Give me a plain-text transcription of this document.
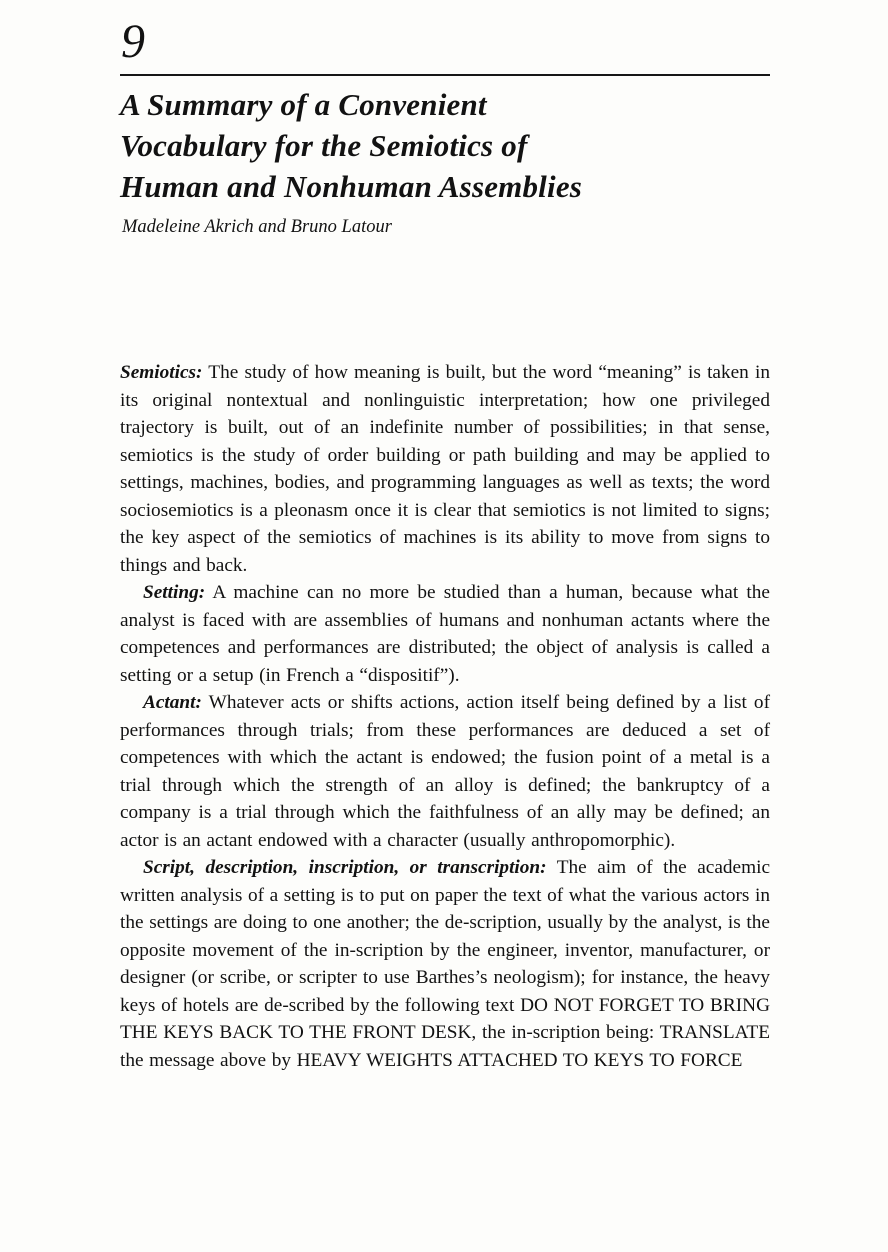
9
A Summary of a Convenient
Vocabulary for the Semiotics of
Human and Nonhuman Assemblies
Madeleine Akrich and Bruno Latour

Semiotics: The study of how meaning is built, but the word “meaning” is taken in its original nontextual and nonlinguistic interpretation; how one privileged trajectory is built, out of an indefinite number of possibilities; in that sense, semiotics is the study of order building or path building and may be applied to settings, machines, bodies, and programming languages as well as texts; the word sociosemiotics is a pleonasm once it is clear that semiotics is not limited to signs; the key aspect of the semiotics of machines is its ability to move from signs to things and back.

Setting: A machine can no more be studied than a human, because what the analyst is faced with are assemblies of humans and nonhuman actants where the competences and performances are distributed; the object of analysis is called a setting or a setup (in French a “dispositif”).

Actant: Whatever acts or shifts actions, action itself being defined by a list of performances through trials; from these performances are deduced a set of competences with which the actant is endowed; the fusion point of a metal is a trial through which the strength of an alloy is defined; the bankruptcy of a company is a trial through which the faithfulness of an ally may be defined; an actor is an actant endowed with a character (usually anthropomorphic).

Script, description, inscription, or transcription: The aim of the academic written analysis of a setting is to put on paper the text of what the various actors in the settings are doing to one another; the de-scription, usually by the analyst, is the opposite movement of the in-scription by the engineer, inventor, manufacturer, or designer (or scribe, or scripter to use Barthes’s neologism); for instance, the heavy keys of hotels are de-scribed by the following text DO NOT FORGET TO BRING THE KEYS BACK TO THE FRONT DESK, the in-scription being: TRANSLATE the message above by HEAVY WEIGHTS ATTACHED TO KEYS TO FORCE
